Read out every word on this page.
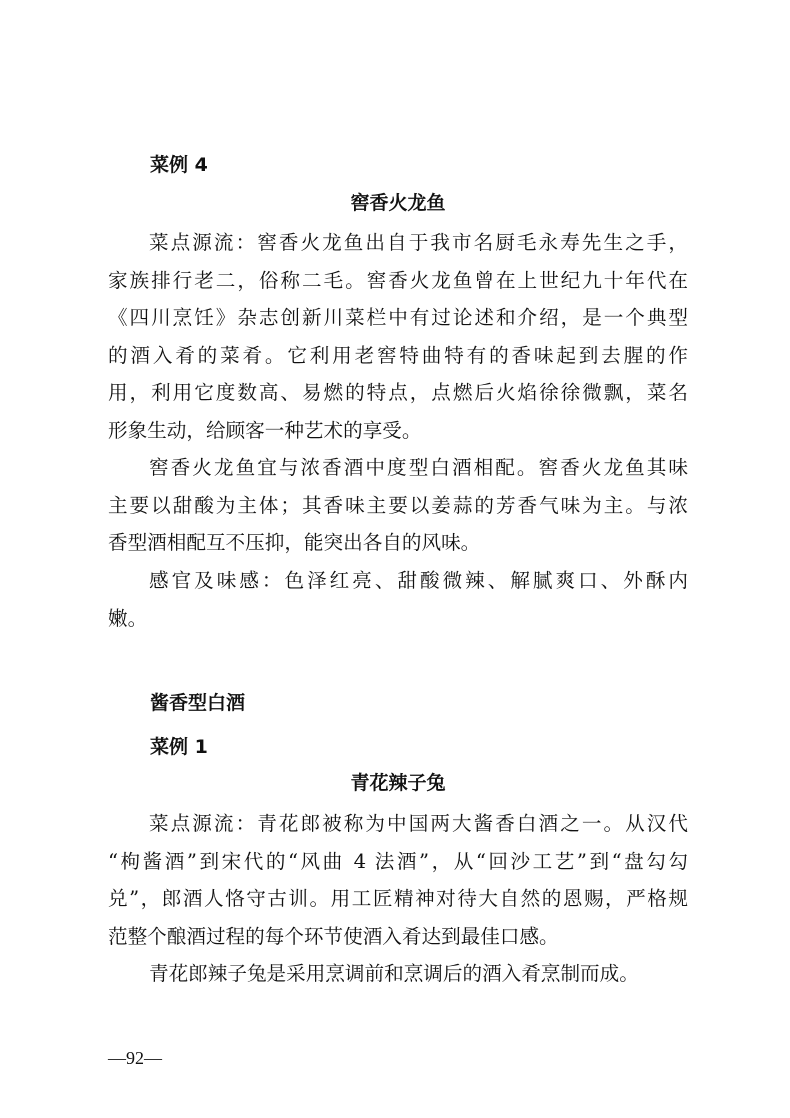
菜例 4
窖香火龙鱼
菜点源流：窖香火龙鱼出自于我市名厨毛永寿先生之手，
家族排行老二，俗称二毛。窖香火龙鱼曾在上世纪九十年代在
《四川烹饪》杂志创新川菜栏中有过论述和介绍，是一个典型
的酒入肴的菜肴。它利用老窖特曲特有的香味起到去腥的作
用，利用它度数高、易燃的特点，点燃后火焰徐徐微飘，菜名
形象生动，给顾客一种艺术的享受。
窖香火龙鱼宜与浓香酒中度型白酒相配。窖香火龙鱼其味
主要以甜酸为主体；其香味主要以姜蒜的芳香气味为主。与浓
香型酒相配互不压抑，能突出各自的风味。
感官及味感：色泽红亮、甜酸微辣、解腻爽口、外酥内
嫩。
酱香型白酒
菜例 1
青花辣子兔
菜点源流：青花郎被称为中国两大酱香白酒之一。从汉代
“枸酱酒”到宋代的“风曲 4 法酒”，从“回沙工艺”到“盘勾勾
兑”，郎酒人恪守古训。用工匠精神对待大自然的恩赐，严格规
范整个酿酒过程的每个环节使酒入肴达到最佳口感。
青花郎辣子兔是采用烹调前和烹调后的酒入肴烹制而成。
—92—
